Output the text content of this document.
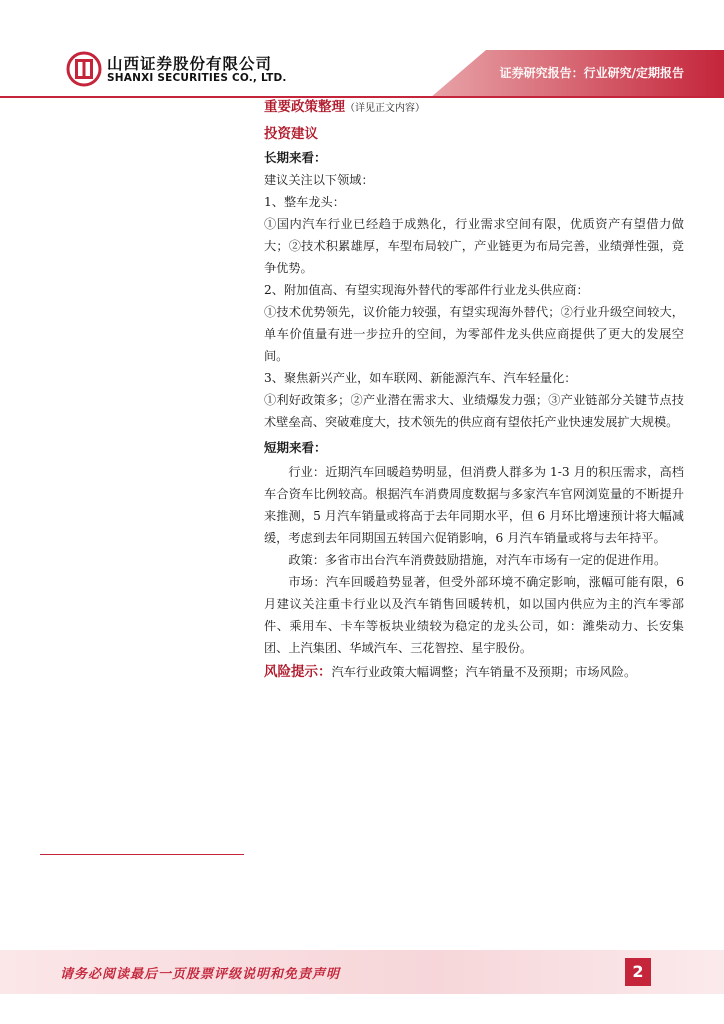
山西证券股份有限公司
SHANXI SECURITIES CO., LTD.	证券研究报告：行业研究/定期报告

重要政策整理（详见正文内容）

投资建议

长期来看：

建议关注以下领域：

1、整车龙头：

①国内汽车行业已经趋于成熟化，行业需求空间有限，优质资产有望借力做大；②技术积累雄厚，车型布局较广，产业链更为布局完善，业绩弹性强，竞争优势。

2、附加值高、有望实现海外替代的零部件行业龙头供应商：

①技术优势领先，议价能力较强，有望实现海外替代；②行业升级空间较大，单车价值量有进一步拉升的空间，为零部件龙头供应商提供了更大的发展空间。

3、聚焦新兴产业，如车联网、新能源汽车、汽车轻量化：

①利好政策多；②产业潜在需求大、业绩爆发力强；③产业链部分关键节点技术壁垒高、突破难度大，技术领先的供应商有望依托产业快速发展扩大规模。

短期来看：

行业：近期汽车回暖趋势明显，但消费人群多为 1-3 月的积压需求，高档车合资车比例较高。根据汽车消费周度数据与多家汽车官网浏览量的不断提升来推测，5 月汽车销量或将高于去年同期水平，但 6 月环比增速预计将大幅减缓，考虑到去年同期国五转国六促销影响，6 月汽车销量或将与去年持平。

政策：多省市出台汽车消费鼓励措施，对汽车市场有一定的促进作用。

市场：汽车回暖趋势显著，但受外部环境不确定影响，涨幅可能有限，6 月建议关注重卡行业以及汽车销售回暖转机，如以国内供应为主的汽车零部件、乘用车、卡车等板块业绩较为稳定的龙头公司，如：潍柴动力、长安集团、上汽集团、华域汽车、三花智控、星宇股份。

风险提示：汽车行业政策大幅调整；汽车销量不及预期；市场风险。

请务必阅读最后一页股票评级说明和免责声明	2
